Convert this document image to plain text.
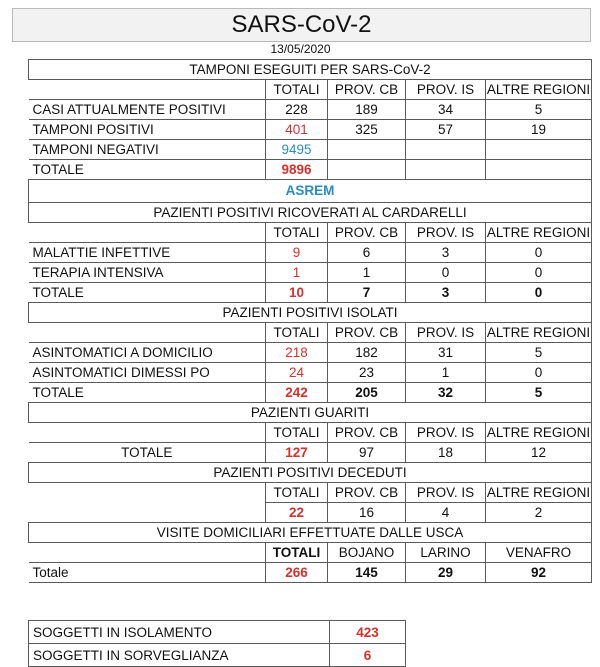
SARS-CoV-2
13/05/2020
TAMPONI ESEGUITI PER SARS-CoV-2				
	TOTALI	PROV. CB	PROV. IS	ALTRE REGIONI
CASI ATTUALMENTE POSITIVI	228	189	34	5
TAMPONI POSITIVI	401	325	57	19
TAMPONI NEGATIVI	9495			
TOTALE	9896			
ASREM				
PAZIENTI POSITIVI RICOVERATI AL CARDARELLI				
	TOTALI	PROV. CB	PROV. IS	ALTRE REGIONI
MALATTIE INFETTIVE	9	6	3	0
TERAPIA INTENSIVA	1	1	0	0
TOTALE	10	7	3	0
PAZIENTI POSITIVI ISOLATI				
	TOTALI	PROV. CB	PROV. IS	ALTRE REGIONI
ASINTOMATICI A DOMICILIO	218	182	31	5
ASINTOMATICI DIMESSI PO	24	23	1	0
TOTALE	242	205	32	5
PAZIENTI GUARITI				
	TOTALI	PROV. CB	PROV. IS	ALTRE REGIONI
TOTALE	127	97	18	12
PAZIENTI POSITIVI DECEDUTI				
	TOTALI	PROV. CB	PROV. IS	ALTRE REGIONI
	22	16	4	2
VISITE DOMICILIARI EFFETTUATE DALLE USCA				
	TOTALI	BOJANO	LARINO	VENAFRO
Totale	266	145	29	92
SOGGETTI IN ISOLAMENTO	423
SOGGETTI IN SORVEGLIANZA	6
